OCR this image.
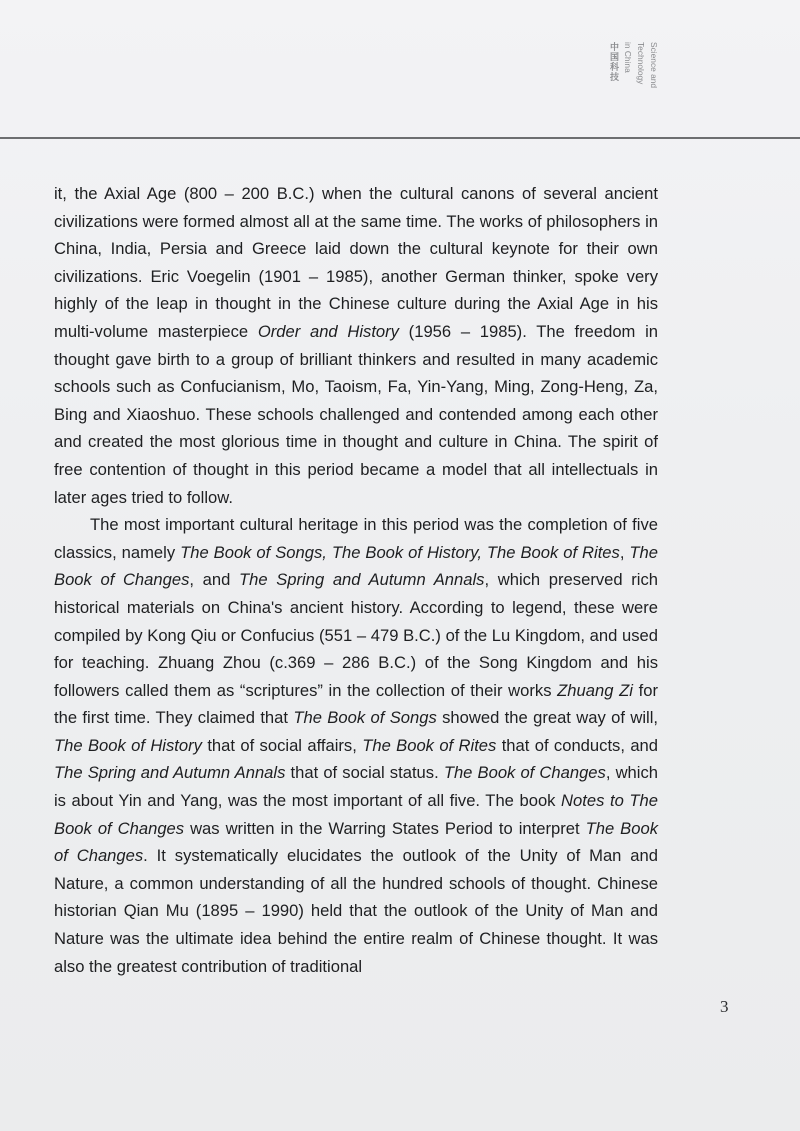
中国科技 in China Technology Science and

it, the Axial Age (800 – 200 B.C.) when the cultural canons of several ancient civilizations were formed almost all at the same time. The works of philosophers in China, India, Persia and Greece laid down the cultural keynote for their own civilizations. Eric Voegelin (1901 – 1985), another German thinker, spoke very highly of the leap in thought in the Chinese culture during the Axial Age in his multi-volume masterpiece Order and History (1956 – 1985). The freedom in thought gave birth to a group of brilliant thinkers and resulted in many academic schools such as Confucianism, Mo, Taoism, Fa, Yin-Yang, Ming, Zong-Heng, Za, Bing and Xiaoshuo. These schools challenged and contended among each other and created the most glorious time in thought and culture in China. The spirit of free contention of thought in this period became a model that all intellectuals in later ages tried to follow.

The most important cultural heritage in this period was the completion of five classics, namely The Book of Songs, The Book of History, The Book of Rites, The Book of Changes, and The Spring and Autumn Annals, which preserved rich historical materials on China's ancient history. According to legend, these were compiled by Kong Qiu or Confucius (551 – 479 B.C.) of the Lu Kingdom, and used for teaching. Zhuang Zhou (c.369 – 286 B.C.) of the Song Kingdom and his followers called them as “scriptures” in the collection of their works Zhuang Zi for the first time. They claimed that The Book of Songs showed the great way of will, The Book of History that of social affairs, The Book of Rites that of conducts, and The Spring and Autumn Annals that of social status. The Book of Changes, which is about Yin and Yang, was the most important of all five. The book Notes to The Book of Changes was written in the Warring States Period to interpret The Book of Changes. It systematically elucidates the outlook of the Unity of Man and Nature, a common understanding of all the hundred schools of thought. Chinese historian Qian Mu (1895 – 1990) held that the outlook of the Unity of Man and Nature was the ultimate idea behind the entire realm of Chinese thought. It was also the greatest contribution of traditional

3
